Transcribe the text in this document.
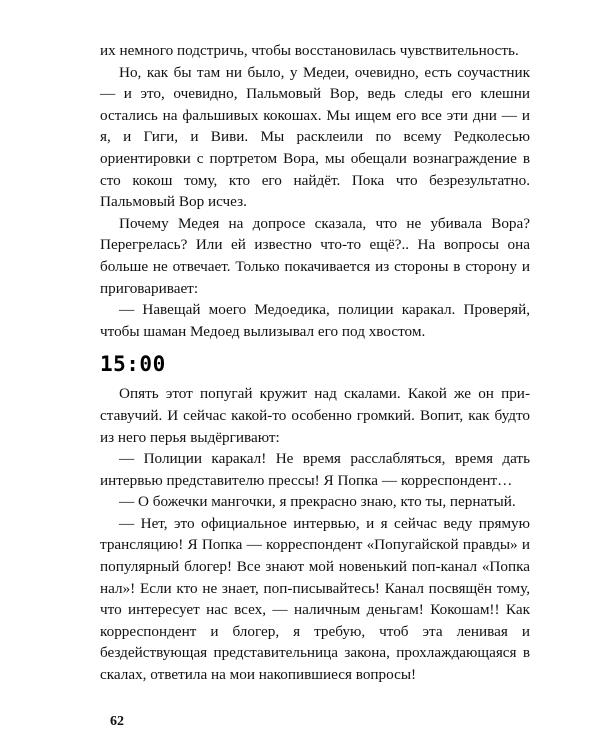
их немного подстричь, чтобы восстановилась чувствительность.

Но, как бы там ни было, у Медеи, очевидно, есть соучастник — и это, очевидно, Пальмовый Вор, ведь следы его клешни остались на фальшивых кокошах. Мы ищем его все эти дни — и я, и Гиги, и Виви. Мы расклеили по всему Редколесью ориентировки с портретом Вора, мы обещали вознаграждение в сто кокош тому, кто его найдёт. Пока что безрезультатно. Пальмовый Вор исчез.

Почему Медея на допросе сказала, что не убивала Вора? Перегрелась? Или ей известно что-то ещё?.. На вопросы она больше не отвечает. Только покачивается из стороны в сторону и приговаривает:

— Навещай моего Медоедика, полиции каракал. Проверяй, чтобы шаман Медоед вылизывал его под хвостом.

15:00

Опять этот попугай кружит над скалами. Какой же он приставучий. И сейчас какой-то особенно громкий. Вопит, как будто из него перья выдёргивают:

— Полиции каракал! Не время расслабляться, время дать интервью представителю прессы! Я Попка — корреспондент…

— О божечки мангочки, я прекрасно знаю, кто ты, пернатый.

— Нет, это официальное интервью, и я сейчас веду прямую трансляцию! Я Попка — корреспондент «Попугайской правды» и популярный блогер! Все знают мой новенький поп-канал «Попка нал»! Если кто не знает, поп-писывайтесь! Канал посвящён тому, что интересует нас всех, — наличным деньгам! Кокошам!! Как корреспондент и блогер, я требую, чтоб эта ленивая и бездействующая представительница закона, прохлаждающаяся в скалах, ответила на мои накопившиеся вопросы!

62
